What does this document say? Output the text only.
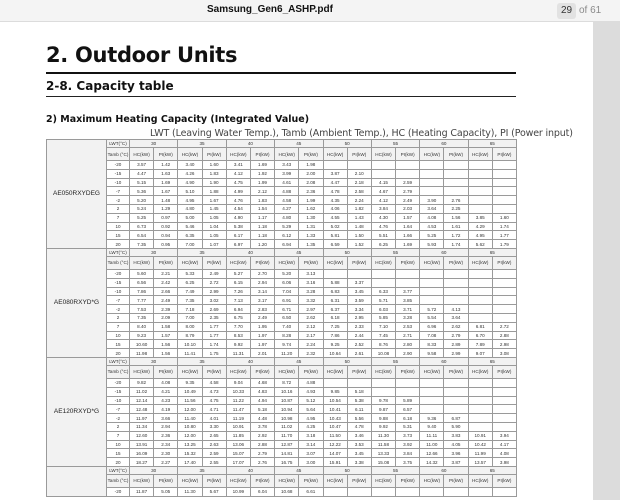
Samsung_Gen6_ASHP.pdf	29 of 61
2. Outdoor Units
2-8. Capacity table
2) Maximum Heating Capacity (Integrated Value)
LWT (Leaving Water Temp.), Tamb (Ambient Temp.), HC (Heating Capacity), PI (Power input)
AE050RXYDEG	LWT(°C)	30		35		40		45		50		55		60		65	
	Tamb (°C)	HC(kW)	PI(kW)	HC(kW)	PI(kW)	HC(kW)	PI(kW)	HC(kW)	PI(kW)	HC(kW)	PI(kW)	HC(kW)	PI(kW)	HC(kW)	PI(kW)	HC(kW)	PI(kW)
	-20	3.57	1.42	3.40	1.60	3.41	1.69	3.43	1.98								
	-15	4.47	1.63	4.26	1.83	4.12	1.92	3.99	2.00	3.87	2.10						
	-10	5.15	1.69	4.90	1.90	4.75	1.99	4.61	2.08	4.47	2.18	4.15	2.59				
	-7	5.36	1.67	5.10	1.88	4.99	2.12	4.88	2.36	4.78	2.58	4.67	2.79				
	-2	5.20	1.48	4.95	1.67	4.76	1.83	4.58	1.99	4.35	2.24	4.12	2.49	3.90	2.76		
	2	5.24	1.29	4.80	1.45	4.54	1.54	4.27	1.62	4.06	1.82	3.84	2.03	3.64	2.25		
	7	5.25	0.97	5.00	1.05	4.90	1.17	4.80	1.30	4.55	1.43	4.30	1.57	4.08	1.56	3.85	1.60
	10	6.73	0.92	5.46	1.04	5.38	1.18	5.29	1.31	5.02	1.48	4.76	1.64	4.53	1.61	4.29	1.74
	15	6.54	0.94	6.35	1.05	6.17	1.18	6.12	1.33	5.81	1.50	5.51	1.66	5.25	1.72	4.95	1.77
	20	7.35	0.95	7.00	1.07	6.97	1.20	6.94	1.35	6.59	1.52	6.25	1.69	5.93	1.74	5.62	1.79
AE080RXYD*G	LWT(°C)	30		35		40		45		50		55		60		65	
	Tamb (°C)	HC(kW)	PI(kW)	HC(kW)	PI(kW)	HC(kW)	PI(kW)	HC(kW)	PI(kW)	HC(kW)	PI(kW)	HC(kW)	PI(kW)	HC(kW)	PI(kW)	HC(kW)	PI(kW)
	-20	5.60	2.21	5.33	2.49	5.27	2.70	5.20	3.13								
	-15	6.56	2.42	6.25	2.72	6.15	2.94	6.06	3.16	5.88	3.37						
	-10	7.86	2.66	7.49	2.99	7.26	3.14	7.04	3.28	6.83	3.45	6.33	3.77				
	-7	7.77	2.49	7.35	3.02	7.13	3.17	6.91	3.32	6.31	3.59	5.71	3.85				
	-2	7.53	2.39	7.18	2.69	6.94	2.83	6.71	2.97	6.37	3.34	6.03	3.71	5.72	4.13		
	2	7.35	2.09	7.00	2.35	6.75	2.49	6.50	2.62	6.18	2.95	5.85	3.28	5.54	3.64		
	7	8.40	1.58	8.00	1.77	7.70	1.95	7.40	2.12	7.25	2.33	7.10	2.53	6.96	2.62	6.81	2.72
	10	9.23	1.57	8.79	1.77	8.53	1.97	8.28	2.17	7.86	2.44	7.45	2.71	7.08	2.79	6.70	2.88
	15	10.60	1.56	10.10	1.74	9.92	1.97	9.74	2.24	9.25	2.52	8.76	2.80	8.33	2.89	7.89	2.98
	20	11.98	1.56	11.41	1.75	11.31	2.01	11.20	2.32	10.64	2.61	10.08	2.90	9.58	2.99	9.07	3.08
AE120RXYD*G	LWT(°C)	30		35		40		45		50		55		60		65	
	Tamb (°C)	HC(kW)	PI(kW)	HC(kW)	PI(kW)	HC(kW)	PI(kW)	HC(kW)	PI(kW)	HC(kW)	PI(kW)	HC(kW)	PI(kW)	HC(kW)	PI(kW)	HC(kW)	PI(kW)
	-20	9.82	4.08	9.35	4.58	9.04	4.68	8.72	4.88								
	-15	11.02	4.21	10.49	4.73	10.33	4.83	10.16	4.93	9.85	5.18						
	-10	12.14	4.23	11.56	4.75	11.22	4.94	10.87	5.12	10.54	5.38	9.78	5.89				
	-7	12.48	4.19	12.00	4.71	11.47	5.18	10.94	5.64	10.41	6.11	9.87	6.57				
	-2	11.97	3.66	11.40	4.01	11.19	4.48	10.98	4.95	10.43	5.56	9.88	6.18	9.36	6.87		
	2	11.34	2.94	10.80	3.30	10.91	3.78	11.02	4.25	10.47	4.78	9.92	5.31	9.40	5.90		
	7	12.60	2.36	12.00	2.65	11.85	2.92	11.70	3.18	11.50	3.46	11.30	3.73	11.11	3.83	10.91	3.94
	10	13.91	2.34	13.25	2.63	13.06	2.88	12.87	3.14	12.22	3.53	11.58	3.92	11.00	4.05	10.42	4.17
	15	16.09	2.30	15.32	2.59	15.07	2.79	14.81	3.07	14.07	3.45	13.33	3.84	12.66	3.96	11.99	4.08
	20	18.27	2.27	17.40	2.55	17.07	2.76	16.75	3.00	15.91	3.38	15.08	3.75	14.32	3.87	13.57	3.98
	LWT(°C)	30		35		40		45		50		55		60		65	
	Tamb (°C)	HC(kW)	PI(kW)	HC(kW)	PI(kW)	HC(kW)	PI(kW)	HC(kW)	PI(kW)	HC(kW)	PI(kW)	HC(kW)	PI(kW)	HC(kW)	PI(kW)	HC(kW)	PI(kW)
	-20	11.87	5.05	11.30	5.67	10.99	6.04	10.68	6.61								
